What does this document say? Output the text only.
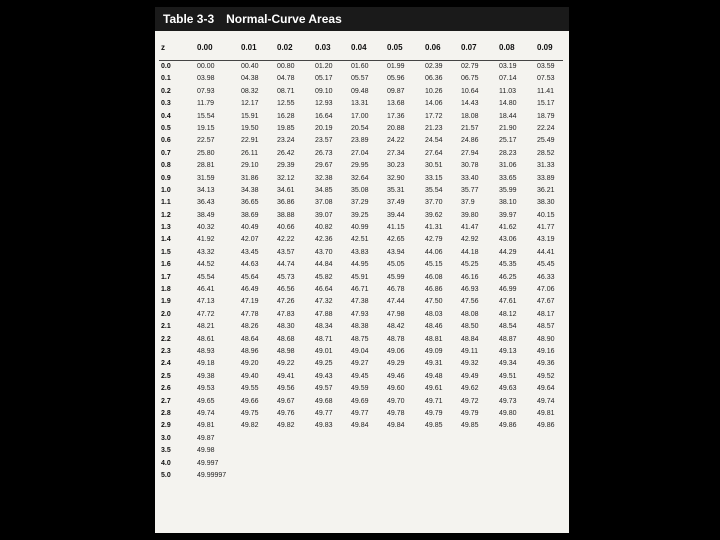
Table 3-3 Normal-Curve Areas
z	0.00	0.01	0.02	0.03	0.04	0.05	0.06	0.07	0.08	0.09
0.0	00.00	00.40	00.80	01.20	01.60	01.99	02.39	02.79	03.19	03.59
0.1	03.98	04.38	04.78	05.17	05.57	05.96	06.36	06.75	07.14	07.53
0.2	07.93	08.32	08.71	09.10	09.48	09.87	10.26	10.64	11.03	11.41
0.3	11.79	12.17	12.55	12.93	13.31	13.68	14.06	14.43	14.80	15.17
0.4	15.54	15.91	16.28	16.64	17.00	17.36	17.72	18.08	18.44	18.79
0.5	19.15	19.50	19.85	20.19	20.54	20.88	21.23	21.57	21.90	22.24
0.6	22.57	22.91	23.24	23.57	23.89	24.22	24.54	24.86	25.17	25.49
0.7	25.80	26.11	26.42	26.73	27.04	27.34	27.64	27.94	28.23	28.52
0.8	28.81	29.10	29.39	29.67	29.95	30.23	30.51	30.78	31.06	31.33
0.9	31.59	31.86	32.12	32.38	32.64	32.90	33.15	33.40	33.65	33.89
1.0	34.13	34.38	34.61	34.85	35.08	35.31	35.54	35.77	35.99	36.21
1.1	36.43	36.65	36.86	37.08	37.29	37.49	37.70	37.9	38.10	38.30
1.2	38.49	38.69	38.88	39.07	39.25	39.44	39.62	39.80	39.97	40.15
1.3	40.32	40.49	40.66	40.82	40.99	41.15	41.31	41.47	41.62	41.77
1.4	41.92	42.07	42.22	42.36	42.51	42.65	42.79	42.92	43.06	43.19
1.5	43.32	43.45	43.57	43.70	43.83	43.94	44.06	44.18	44.29	44.41
1.6	44.52	44.63	44.74	44.84	44.95	45.05	45.15	45.25	45.35	45.45
1.7	45.54	45.64	45.73	45.82	45.91	45.99	46.08	46.16	46.25	46.33
1.8	46.41	46.49	46.56	46.64	46.71	46.78	46.86	46.93	46.99	47.06
1.9	47.13	47.19	47.26	47.32	47.38	47.44	47.50	47.56	47.61	47.67
2.0	47.72	47.78	47.83	47.88	47.93	47.98	48.03	48.08	48.12	48.17
2.1	48.21	48.26	48.30	48.34	48.38	48.42	48.46	48.50	48.54	48.57
2.2	48.61	48.64	48.68	48.71	48.75	48.78	48.81	48.84	48.87	48.90
2.3	48.93	48.96	48.98	49.01	49.04	49.06	49.09	49.11	49.13	49.16
2.4	49.18	49.20	49.22	49.25	49.27	49.29	49.31	49.32	49.34	49.36
2.5	49.38	49.40	49.41	49.43	49.45	49.46	49.48	49.49	49.51	49.52
2.6	49.53	49.55	49.56	49.57	49.59	49.60	49.61	49.62	49.63	49.64
2.7	49.65	49.66	49.67	49.68	49.69	49.70	49.71	49.72	49.73	49.74
2.8	49.74	49.75	49.76	49.77	49.77	49.78	49.79	49.79	49.80	49.81
2.9	49.81	49.82	49.82	49.83	49.84	49.84	49.85	49.85	49.86	49.86
3.0	49.87
3.5	49.98
4.0	49.997
5.0	49.99997
